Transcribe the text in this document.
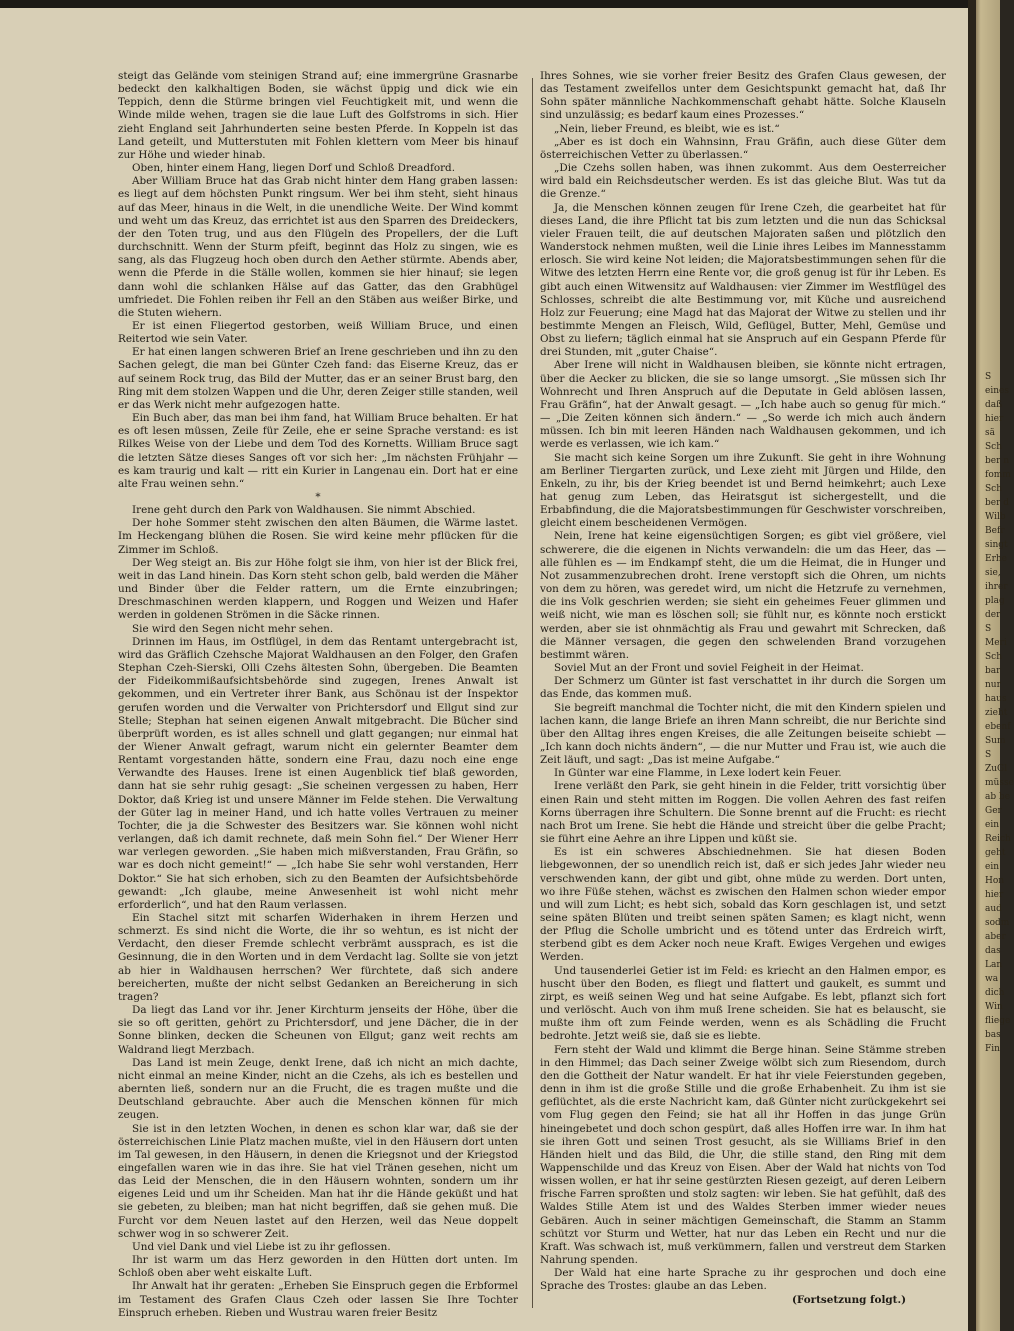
steigt das Gelände vom steinigen Strand auf; eine immergrüne Grasnarbe bedeckt den kalkhaltigen Boden, sie wächst üppig und dick wie ein Teppich, denn die Stürme bringen viel Feuchtigkeit mit, und wenn die Winde milde wehen, tragen sie die laue Luft des Golfstroms in sich. Hier zieht England seit Jahrhunderten seine besten Pferde. In Koppeln ist das Land geteilt, und Mutterstuten mit Fohlen klettern vom Meer bis hinauf zur Höhe und wieder hinab.

Oben, hinter einem Hang, liegen Dorf und Schloß Dreadford.

Aber William Bruce hat das Grab nicht hinter dem Hang graben lassen: es liegt auf dem höchsten Punkt ringsum. Wer bei ihm steht, sieht hinaus auf das Meer, hinaus in die Welt, in die unendliche Weite. Der Wind kommt und weht um das Kreuz, das errichtet ist aus den Sparren des Dreideckers, der den Toten trug, und aus den Flügeln des Propellers, der die Luft durchschnitt. Wenn der Sturm pfeift, beginnt das Holz zu singen, wie es sang, als das Flugzeug hoch oben durch den Aether stürmte. Abends aber, wenn die Pferde in die Ställe wollen, kommen sie hier hinauf; sie legen dann wohl die schlanken Hälse auf das Gatter, das den Grabhügel umfriedet. Die Fohlen reiben ihr Fell an den Stäben aus weißer Birke, und die Stuten wiehern.

Er ist einen Fliegertod gestorben, weiß William Bruce, und einen Reitertod wie sein Vater.

Er hat einen langen schweren Brief an Irene geschrieben und ihn zu den Sachen gelegt, die man bei Günter Czeh fand: das Eiserne Kreuz, das er auf seinem Rock trug, das Bild der Mutter, das er an seiner Brust barg, den Ring mit dem stolzen Wappen und die Uhr, deren Zeiger stille standen, weil er das Werk nicht mehr aufgezogen hatte.

Ein Buch aber, das man bei ihm fand, hat William Bruce behalten. Er hat es oft lesen müssen, Zeile für Zeile, ehe er seine Sprache verstand: es ist Rilkes Weise von der Liebe und dem Tod des Kornetts. William Bruce sagt die letzten Sätze dieses Sanges oft vor sich her: „Im nächsten Frühjahr — es kam traurig und kalt — ritt ein Kurier in Langenau ein. Dort hat er eine alte Frau weinen sehn.“

*

Irene geht durch den Park von Waldhausen. Sie nimmt Abschied.

Der hohe Sommer steht zwischen den alten Bäumen, die Wärme lastet. Im Heckengang blühen die Rosen. Sie wird keine mehr pflücken für die Zimmer im Schloß.

Der Weg steigt an. Bis zur Höhe folgt sie ihm, von hier ist der Blick frei, weit in das Land hinein. Das Korn steht schon gelb, bald werden die Mäher und Binder über die Felder rattern, um die Ernte einzubringen; Dreschmaschinen werden klappern, und Roggen und Weizen und Hafer werden in goldenen Strömen in die Säcke rinnen.

Sie wird den Segen nicht mehr sehen.

Drinnen im Haus, im Ostflügel, in dem das Rentamt untergebracht ist, wird das Gräflich Czehsche Majorat Waldhausen an den Folger, den Grafen Stephan Czeh-Sierski, Olli Czehs ältesten Sohn, übergeben. Die Beamten der Fideikommißaufsichtsbehörde sind zugegen, Irenes Anwalt ist gekommen, und ein Vertreter ihrer Bank, aus Schönau ist der Inspektor gerufen worden und die Verwalter von Prichtersdorf und Ellgut sind zur Stelle; Stephan hat seinen eigenen Anwalt mitgebracht. Die Bücher sind überprüft worden, es ist alles schnell und glatt gegangen; nur einmal hat der Wiener Anwalt gefragt, warum nicht ein gelernter Beamter dem Rentamt vorgestanden hätte, sondern eine Frau, dazu noch eine enge Verwandte des Hauses. Irene ist einen Augenblick tief blaß geworden, dann hat sie sehr ruhig gesagt: „Sie scheinen vergessen zu haben, Herr Doktor, daß Krieg ist und unsere Männer im Felde stehen. Die Verwaltung der Güter lag in meiner Hand, und ich hatte volles Vertrauen zu meiner Tochter, die ja die Schwester des Besitzers war. Sie können wohl nicht verlangen, daß ich damit rechnete, daß mein Sohn fiel.“ Der Wiener Herr war verlegen geworden. „Sie haben mich mißverstanden, Frau Gräfin, so war es doch nicht gemeint!“ — „Ich habe Sie sehr wohl verstanden, Herr Doktor.“ Sie hat sich erhoben, sich zu den Beamten der Aufsichtsbehörde gewandt: „Ich glaube, meine Anwesenheit ist wohl nicht mehr erforderlich“, und hat den Raum verlassen.

Ein Stachel sitzt mit scharfen Widerhaken in ihrem Herzen und schmerzt. Es sind nicht die Worte, die ihr so wehtun, es ist nicht der Verdacht, den dieser Fremde schlecht verbrämt aussprach, es ist die Gesinnung, die in den Worten und in dem Verdacht lag. Sollte sie von jetzt ab hier in Waldhausen herrschen? Wer fürchtete, daß sich andere bereicherten, mußte der nicht selbst Gedanken an Bereicherung in sich tragen?

Da liegt das Land vor ihr. Jener Kirchturm jenseits der Höhe, über die sie so oft geritten, gehört zu Prichtersdorf, und jene Dächer, die in der Sonne blinken, decken die Scheunen von Ellgut; ganz weit rechts am Waldrand liegt Merzbach.

Das Land ist mein Zeuge, denkt Irene, daß ich nicht an mich dachte, nicht einmal an meine Kinder, nicht an die Czehs, als ich es bestellen und abernten ließ, sondern nur an die Frucht, die es tragen mußte und die Deutschland gebrauchte. Aber auch die Menschen können für mich zeugen.

Sie ist in den letzten Wochen, in denen es schon klar war, daß sie der österreichischen Linie Platz machen mußte, viel in den Häusern dort unten im Tal gewesen, in den Häusern, in denen die Kriegsnot und der Kriegstod eingefallen waren wie in das ihre. Sie hat viel Tränen gesehen, nicht um das Leid der Menschen, die in den Häusern wohnten, sondern um ihr eigenes Leid und um ihr Scheiden. Man hat ihr die Hände geküßt und hat sie gebeten, zu bleiben; man hat nicht begriffen, daß sie gehen muß. Die Furcht vor dem Neuen lastet auf den Herzen, weil das Neue doppelt schwer wog in so schwerer Zeit.

Und viel Dank und viel Liebe ist zu ihr geflossen.

Ihr ist warm um das Herz geworden in den Hütten dort unten. Im Schloß oben aber weht eiskalte Luft.

Ihr Anwalt hat ihr geraten: „Erheben Sie Einspruch gegen die Erbformel im Testament des Grafen Claus Czeh oder lassen Sie Ihre Tochter Einspruch erheben. Rieben und Wustrau waren freier Besitz

Ihres Sohnes, wie sie vorher freier Besitz des Grafen Claus gewesen, der das Testament zweifellos unter dem Gesichtspunkt gemacht hat, daß Ihr Sohn später männliche Nachkommenschaft gehabt hätte. Solche Klauseln sind unzulässig; es bedarf kaum eines Prozesses.“

„Nein, lieber Freund, es bleibt, wie es ist.“

„Aber es ist doch ein Wahnsinn, Frau Gräfin, auch diese Güter dem österreichischen Vetter zu überlassen.“

„Die Czehs sollen haben, was ihnen zukommt. Aus dem Oesterreicher wird bald ein Reichsdeutscher werden. Es ist das gleiche Blut. Was tut da die Grenze.“

Ja, die Menschen können zeugen für Irene Czeh, die gearbeitet hat für dieses Land, die ihre Pflicht tat bis zum letzten und die nun das Schicksal vieler Frauen teilt, die auf deutschen Majoraten saßen und plötzlich den Wanderstock nehmen mußten, weil die Linie ihres Leibes im Mannesstamm erlosch. Sie wird keine Not leiden; die Majoratsbestimmungen sehen für die Witwe des letzten Herrn eine Rente vor, die groß genug ist für ihr Leben. Es gibt auch einen Witwensitz auf Waldhausen: vier Zimmer im Westflügel des Schlosses, schreibt die alte Bestimmung vor, mit Küche und ausreichend Holz zur Feuerung; eine Magd hat das Majorat der Witwe zu stellen und ihr bestimmte Mengen an Fleisch, Wild, Geflügel, Butter, Mehl, Gemüse und Obst zu liefern; täglich einmal hat sie Anspruch auf ein Gespann Pferde für drei Stunden, mit „guter Chaise“.

Aber Irene will nicht in Waldhausen bleiben, sie könnte nicht ertragen, über die Aecker zu blicken, die sie so lange umsorgt. „Sie müssen sich Ihr Wohnrecht und Ihren Anspruch auf die Deputate in Geld ablösen lassen, Frau Gräfin“, hat der Anwalt gesagt. — „Ich habe auch so genug für mich.“ — „Die Zeiten können sich ändern.“ — „So werde ich mich auch ändern müssen. Ich bin mit leeren Händen nach Waldhausen gekommen, und ich werde es verlassen, wie ich kam.“

Sie macht sich keine Sorgen um ihre Zukunft. Sie geht in ihre Wohnung am Berliner Tiergarten zurück, und Lexe zieht mit Jürgen und Hilde, den Enkeln, zu ihr, bis der Krieg beendet ist und Bernd heimkehrt; auch Lexe hat genug zum Leben, das Heiratsgut ist sichergestellt, und die Erbabfindung, die die Majoratsbestimmungen für Geschwister vorschreiben, gleicht einem bescheidenen Vermögen.

Nein, Irene hat keine eigensüchtigen Sorgen; es gibt viel größere, viel schwerere, die die eigenen in Nichts verwandeln: die um das Heer, das — alle fühlen es — im Endkampf steht, die um die Heimat, die in Hunger und Not zusammenzubrechen droht. Irene verstopft sich die Ohren, um nichts von dem zu hören, was geredet wird, um nicht die Hetzrufe zu vernehmen, die ins Volk geschrien werden; sie sieht ein geheimes Feuer glimmen und weiß nicht, wie man es löschen soll; sie fühlt nur, es könnte noch erstickt werden, aber sie ist ohnmächtig als Frau und gewahrt mit Schrecken, daß die Männer versagen, die gegen den schwelenden Brand vorzugehen bestimmt wären.

Soviel Mut an der Front und soviel Feigheit in der Heimat.

Der Schmerz um Günter ist fast verschattet in ihr durch die Sorgen um das Ende, das kommen muß.

Sie begreift manchmal die Tochter nicht, die mit den Kindern spielen und lachen kann, die lange Briefe an ihren Mann schreibt, die nur Berichte sind über den Alltag ihres engen Kreises, die alle Zeitungen beiseite schiebt — „Ich kann doch nichts ändern“, — die nur Mutter und Frau ist, wie auch die Zeit läuft, und sagt: „Das ist meine Aufgabe.“

In Günter war eine Flamme, in Lexe lodert kein Feuer.

Irene verläßt den Park, sie geht hinein in die Felder, tritt vorsichtig über einen Rain und steht mitten im Roggen. Die vollen Aehren des fast reifen Korns überragen ihre Schultern. Die Sonne brennt auf die Frucht: es riecht nach Brot um Irene. Sie hebt die Hände und streicht über die gelbe Pracht; sie führt eine Aehre an ihre Lippen und küßt sie.

Es ist ein schweres Abschiednehmen. Sie hat diesen Boden liebgewonnen, der so unendlich reich ist, daß er sich jedes Jahr wieder neu verschwenden kann, der gibt und gibt, ohne müde zu werden. Dort unten, wo ihre Füße stehen, wächst es zwischen den Halmen schon wieder empor und will zum Licht; es hebt sich, sobald das Korn geschlagen ist, und setzt seine späten Blüten und treibt seinen späten Samen; es klagt nicht, wenn der Pflug die Scholle umbricht und es tötend unter das Erdreich wirft, sterbend gibt es dem Acker noch neue Kraft. Ewiges Vergehen und ewiges Werden.

Und tausenderlei Getier ist im Feld: es kriecht an den Halmen empor, es huscht über den Boden, es fliegt und flattert und gaukelt, es summt und zirpt, es weiß seinen Weg und hat seine Aufgabe. Es lebt, pflanzt sich fort und verlöscht. Auch von ihm muß Irene scheiden. Sie hat es belauscht, sie mußte ihm oft zum Feinde werden, wenn es als Schädling die Frucht bedrohte. Jetzt weiß sie, daß sie es liebte.

Fern steht der Wald und klimmt die Berge hinan. Seine Stämme streben in den Himmel; das Dach seiner Zweige wölbt sich zum Riesendom, durch den die Gottheit der Natur wandelt. Er hat ihr viele Feierstunden gegeben, denn in ihm ist die große Stille und die große Erhabenheit. Zu ihm ist sie geflüchtet, als die erste Nachricht kam, daß Günter nicht zurückgekehrt sei vom Flug gegen den Feind; sie hat all ihr Hoffen in das junge Grün hineingebetet und doch schon gespürt, daß alles Hoffen irre war. In ihm hat sie ihren Gott und seinen Trost gesucht, als sie Williams Brief in den Händen hielt und das Bild, die Uhr, die stille stand, den Ring mit dem Wappenschilde und das Kreuz von Eisen. Aber der Wald hat nichts von Tod wissen wollen, er hat ihr seine gestürzten Riesen gezeigt, auf deren Leibern frische Farren sproßten und stolz sagten: wir leben. Sie hat gefühlt, daß des Waldes Stille Atem ist und des Waldes Sterben immer wieder neues Gebären. Auch in seiner mächtigen Gemeinschaft, die Stamm an Stamm schützt vor Sturm und Wetter, hat nur das Leben ein Recht und nur die Kraft. Was schwach ist, muß verkümmern, fallen und verstreut dem Starken Nahrung spenden.

Der Wald hat eine harte Sprache zu ihr gesprochen und doch eine Sprache des Trostes: glaube an das Leben.

(Fortsetzung folgt.)

S
eines
daß
hier
sä
Sch
ber n
fomm
Sch
ber d
Wilb
Befr
singt
Erhe
sie,
ihrer
plag
der
S
Meri
Sch
bar
nur
haus
zieht
ebenf
Sum
S
ZuGl
müsse
ab be
Ger
ein
Reich
geht
ein
Hon
hier
aud
sodm
aber
das
Lan
wa
dich
Win
fliege
bas
Fin
